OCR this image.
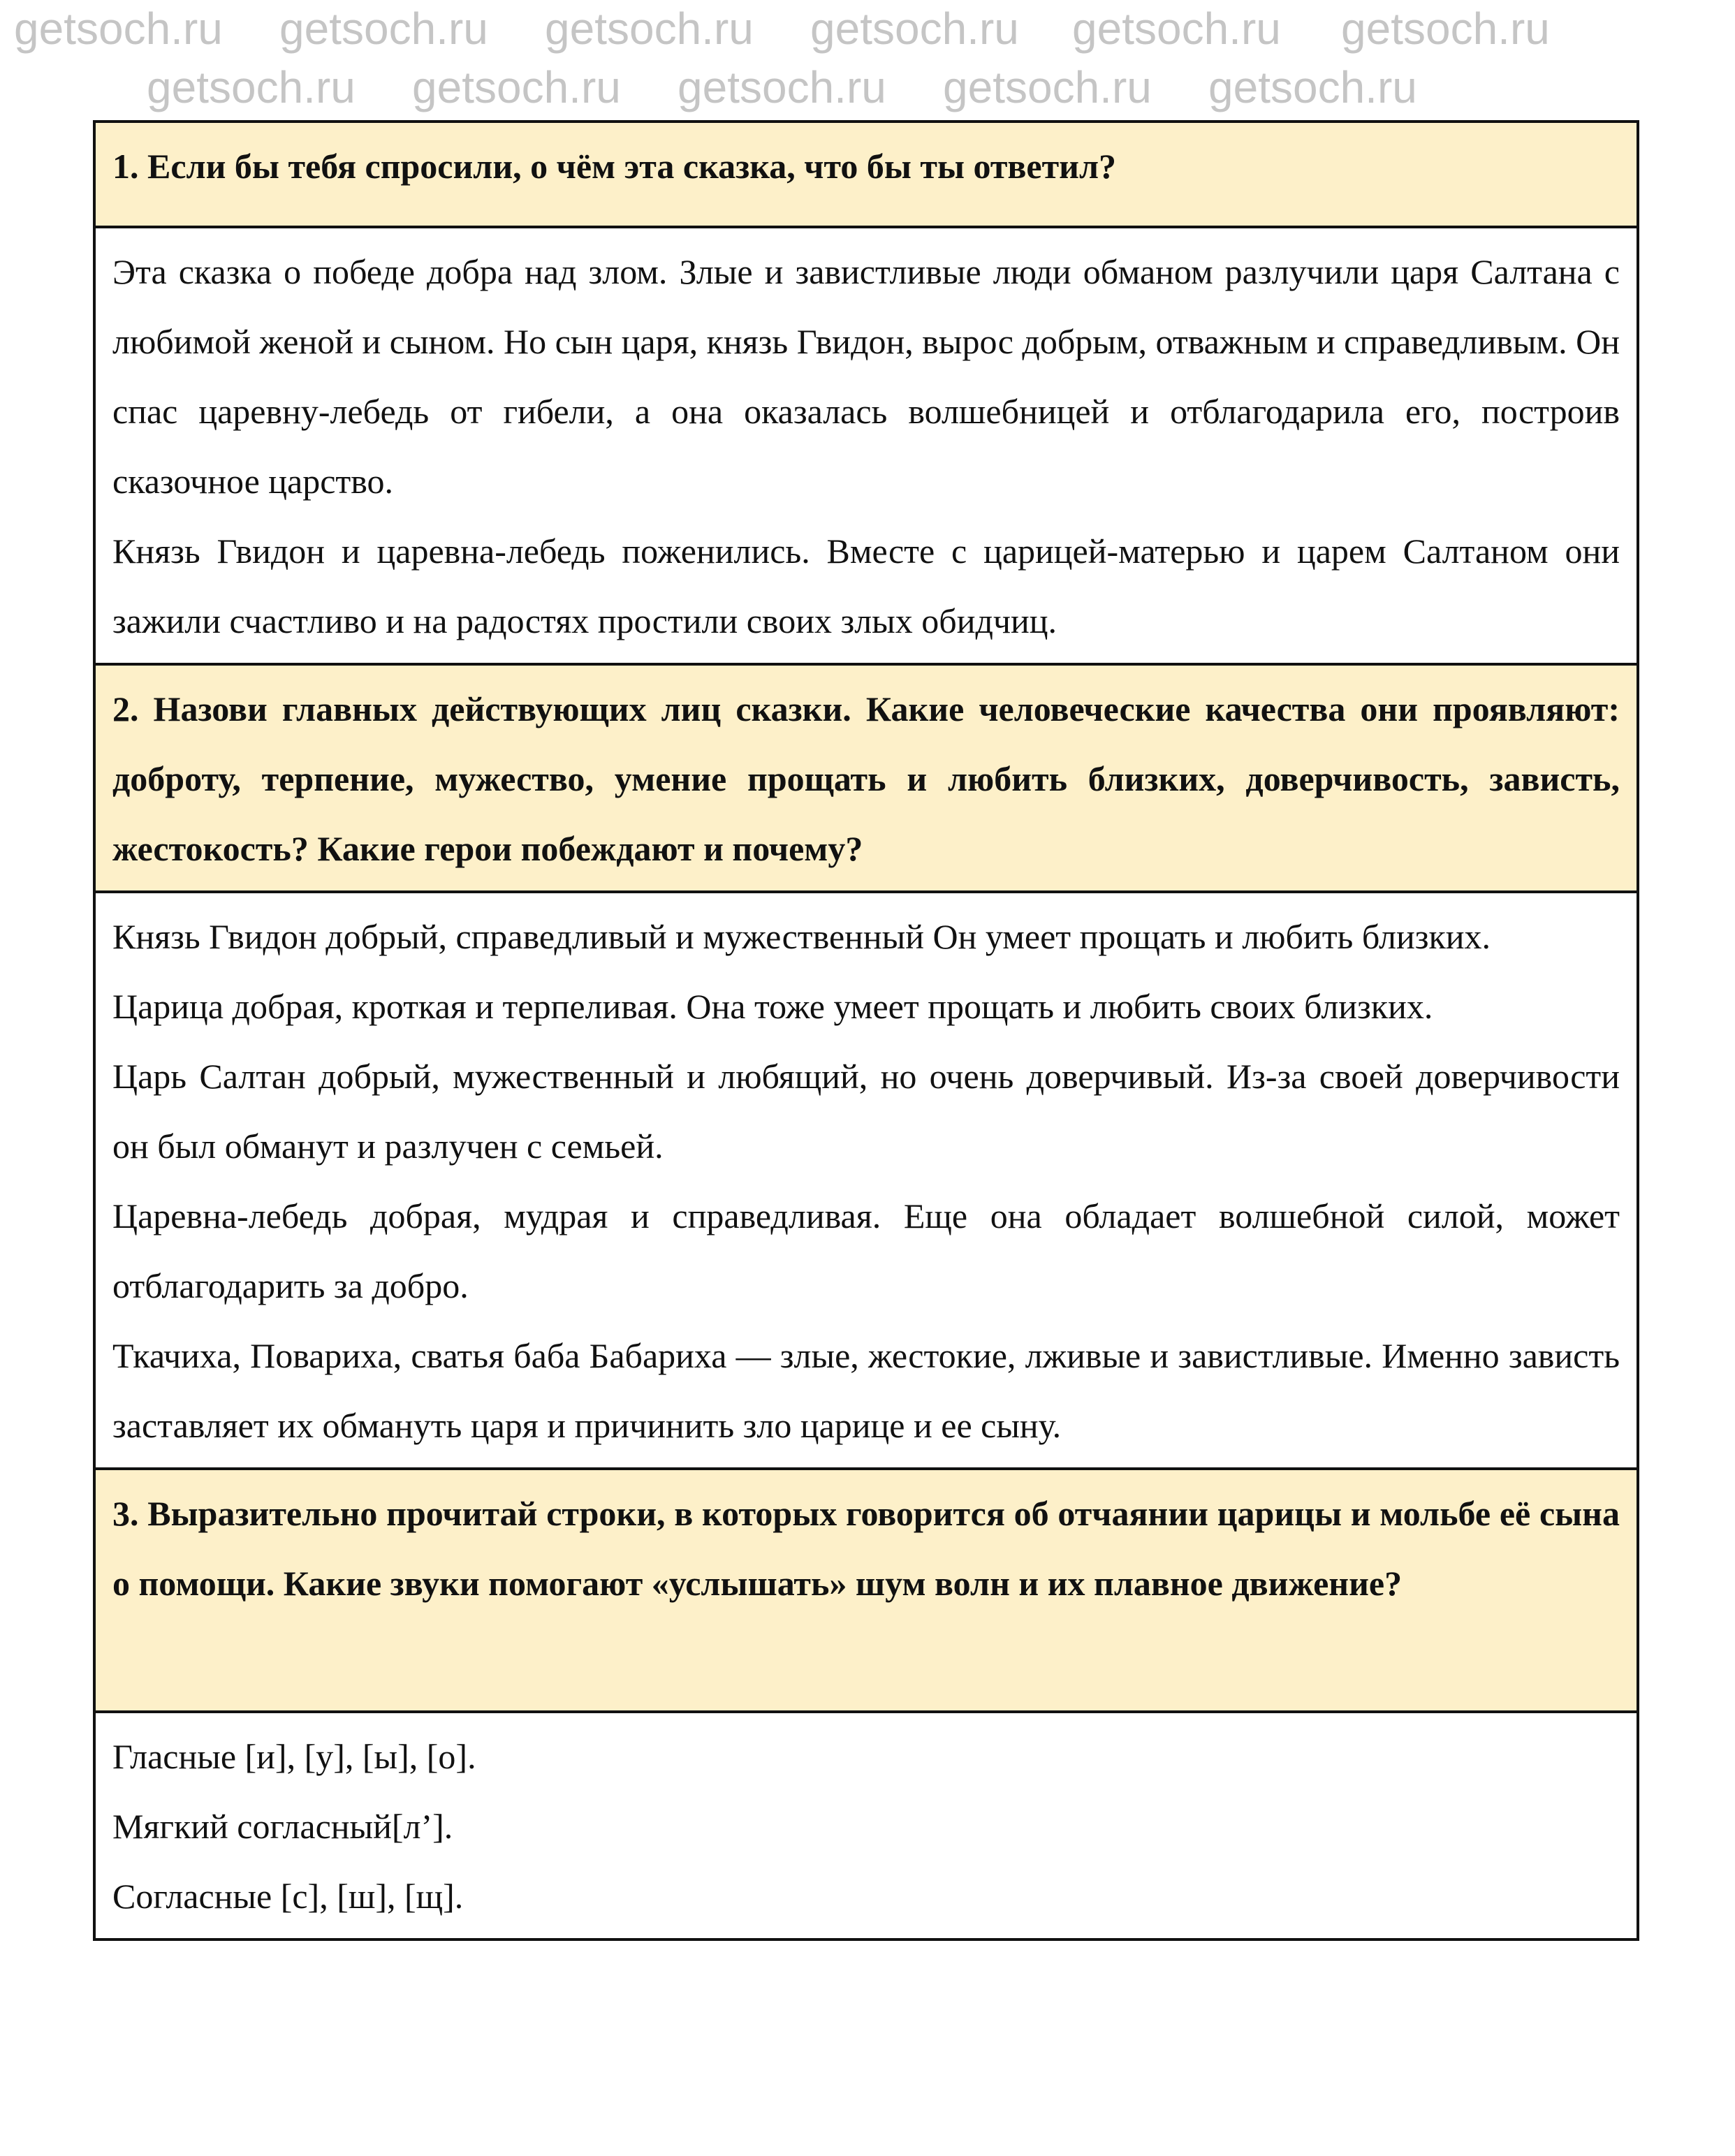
getsoch.ru getsoch.ru getsoch.ru getsoch.ru getsoch.ru getsoch.ru
getsoch.ru getsoch.ru getsoch.ru getsoch.ru getsoch.ru
1. Если бы тебя спросили, о чём эта сказка, что бы ты ответил?

Эта сказка о победе добра над злом. Злые и завистливые люди обманом разлучили царя Салтана с любимой женой и сыном. Но сын царя, князь Гвидон, вырос добрым, отважным и справедливым. Он спас царевну-лебедь от гибели, а она оказалась волшебницей и отблагодарила его, построив сказочное царство.

Князь Гвидон и царевна-лебедь поженились. Вместе с царицей-матерью и царем Салтаном они зажили счастливо и на радостях простили своих злых обидчиц.

2. Назови главных действующих лиц сказки. Какие человеческие качества они проявляют: доброту, терпение, мужество, умение прощать и любить близких, доверчивость, зависть, жестокость? Какие герои побеждают и почему?

Князь Гвидон добрый, справедливый и мужественный Он умеет прощать и любить близких.

Царица добрая, кроткая и терпеливая. Она тоже умеет прощать и любить своих близких.

Царь Салтан добрый, мужественный и любящий, но очень доверчивый. Из-за своей доверчивости он был обманут и разлучен с семьей.

Царевна-лебедь добрая, мудрая и справедливая. Еще она обладает волшебной силой, может отблагодарить за добро.

Ткачиха, Повариха, сватья баба Бабариха — злые, жестокие, лживые и завистливые. Именно зависть заставляет их обмануть царя и причинить зло царице и ее сыну.

3. Выразительно прочитай строки, в которых говорится об отчаянии царицы и мольбе её сына о помощи. Какие звуки помогают «услышать» шум волн и их плавное движение?

Гласные [и], [у], [ы], [о].

Мягкий согласный[л’].

Согласные [с], [ш], [щ].
